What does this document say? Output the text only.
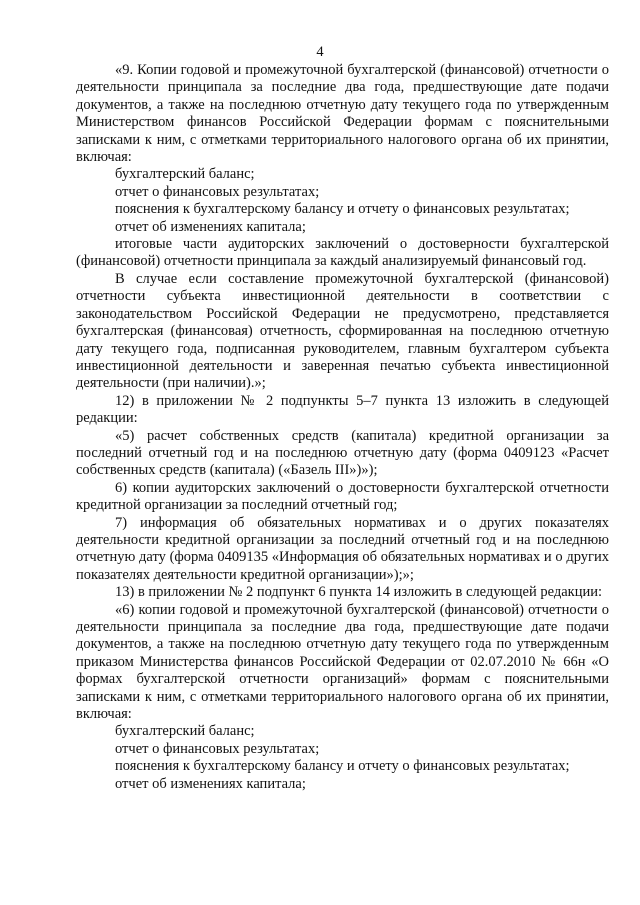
4

«9. Копии годовой и промежуточной бухгалтерской (финансовой) отчетности о деятельности принципала за последние два года, предшествующие дате подачи документов, а также на последнюю отчетную дату текущего года по утвержденным Министерством финансов Российской Федерации формам с пояснительными записками к ним, с отметками территориального налогового органа об их принятии, включая:

бухгалтерский баланс;

отчет о финансовых результатах;

пояснения к бухгалтерскому балансу и отчету о финансовых результатах;

отчет об изменениях капитала;

итоговые части аудиторских заключений о достоверности бухгалтерской (финансовой) отчетности принципала за каждый анализируемый финансовый год.

В случае если составление промежуточной бухгалтерской (финансовой) отчетности субъекта инвестиционной деятельности в соответствии с законодательством Российской Федерации не предусмотрено, представляется бухгалтерская (финансовая) отчетность, сформированная на последнюю отчетную дату текущего года, подписанная руководителем, главным бухгалтером субъекта инвестиционной деятельности и заверенная печатью субъекта инвестиционной деятельности (при наличии).»;

12) в приложении № 2 подпункты 5–7 пункта 13 изложить в следующей редакции:

«5) расчет собственных средств (капитала) кредитной организации за последний отчетный год и на последнюю отчетную дату (форма 0409123 «Расчет собственных средств (капитала) («Базель III»)»);

6) копии аудиторских заключений о достоверности бухгалтерской отчетности кредитной организации за последний отчетный год;

7) информация об обязательных нормативах и о других показателях деятельности кредитной организации за последний отчетный год и на последнюю отчетную дату (форма 0409135 «Информация об обязательных нормативах и о других показателях деятельности кредитной организации»);»;

13) в приложении № 2 подпункт 6 пункта 14 изложить в следующей редакции:

«6) копии годовой и промежуточной бухгалтерской (финансовой) отчетности о деятельности принципала за последние два года, предшествующие дате подачи документов, а также на последнюю отчетную дату текущего года по утвержденным приказом Министерства финансов Российской Федерации от 02.07.2010 № 66н «О формах бухгалтерской отчетности организаций» формам с пояснительными записками к ним, с отметками территориального налогового органа об их принятии, включая:

бухгалтерский баланс;

отчет о финансовых результатах;

пояснения к бухгалтерскому балансу и отчету о финансовых результатах;

отчет об изменениях капитала;
